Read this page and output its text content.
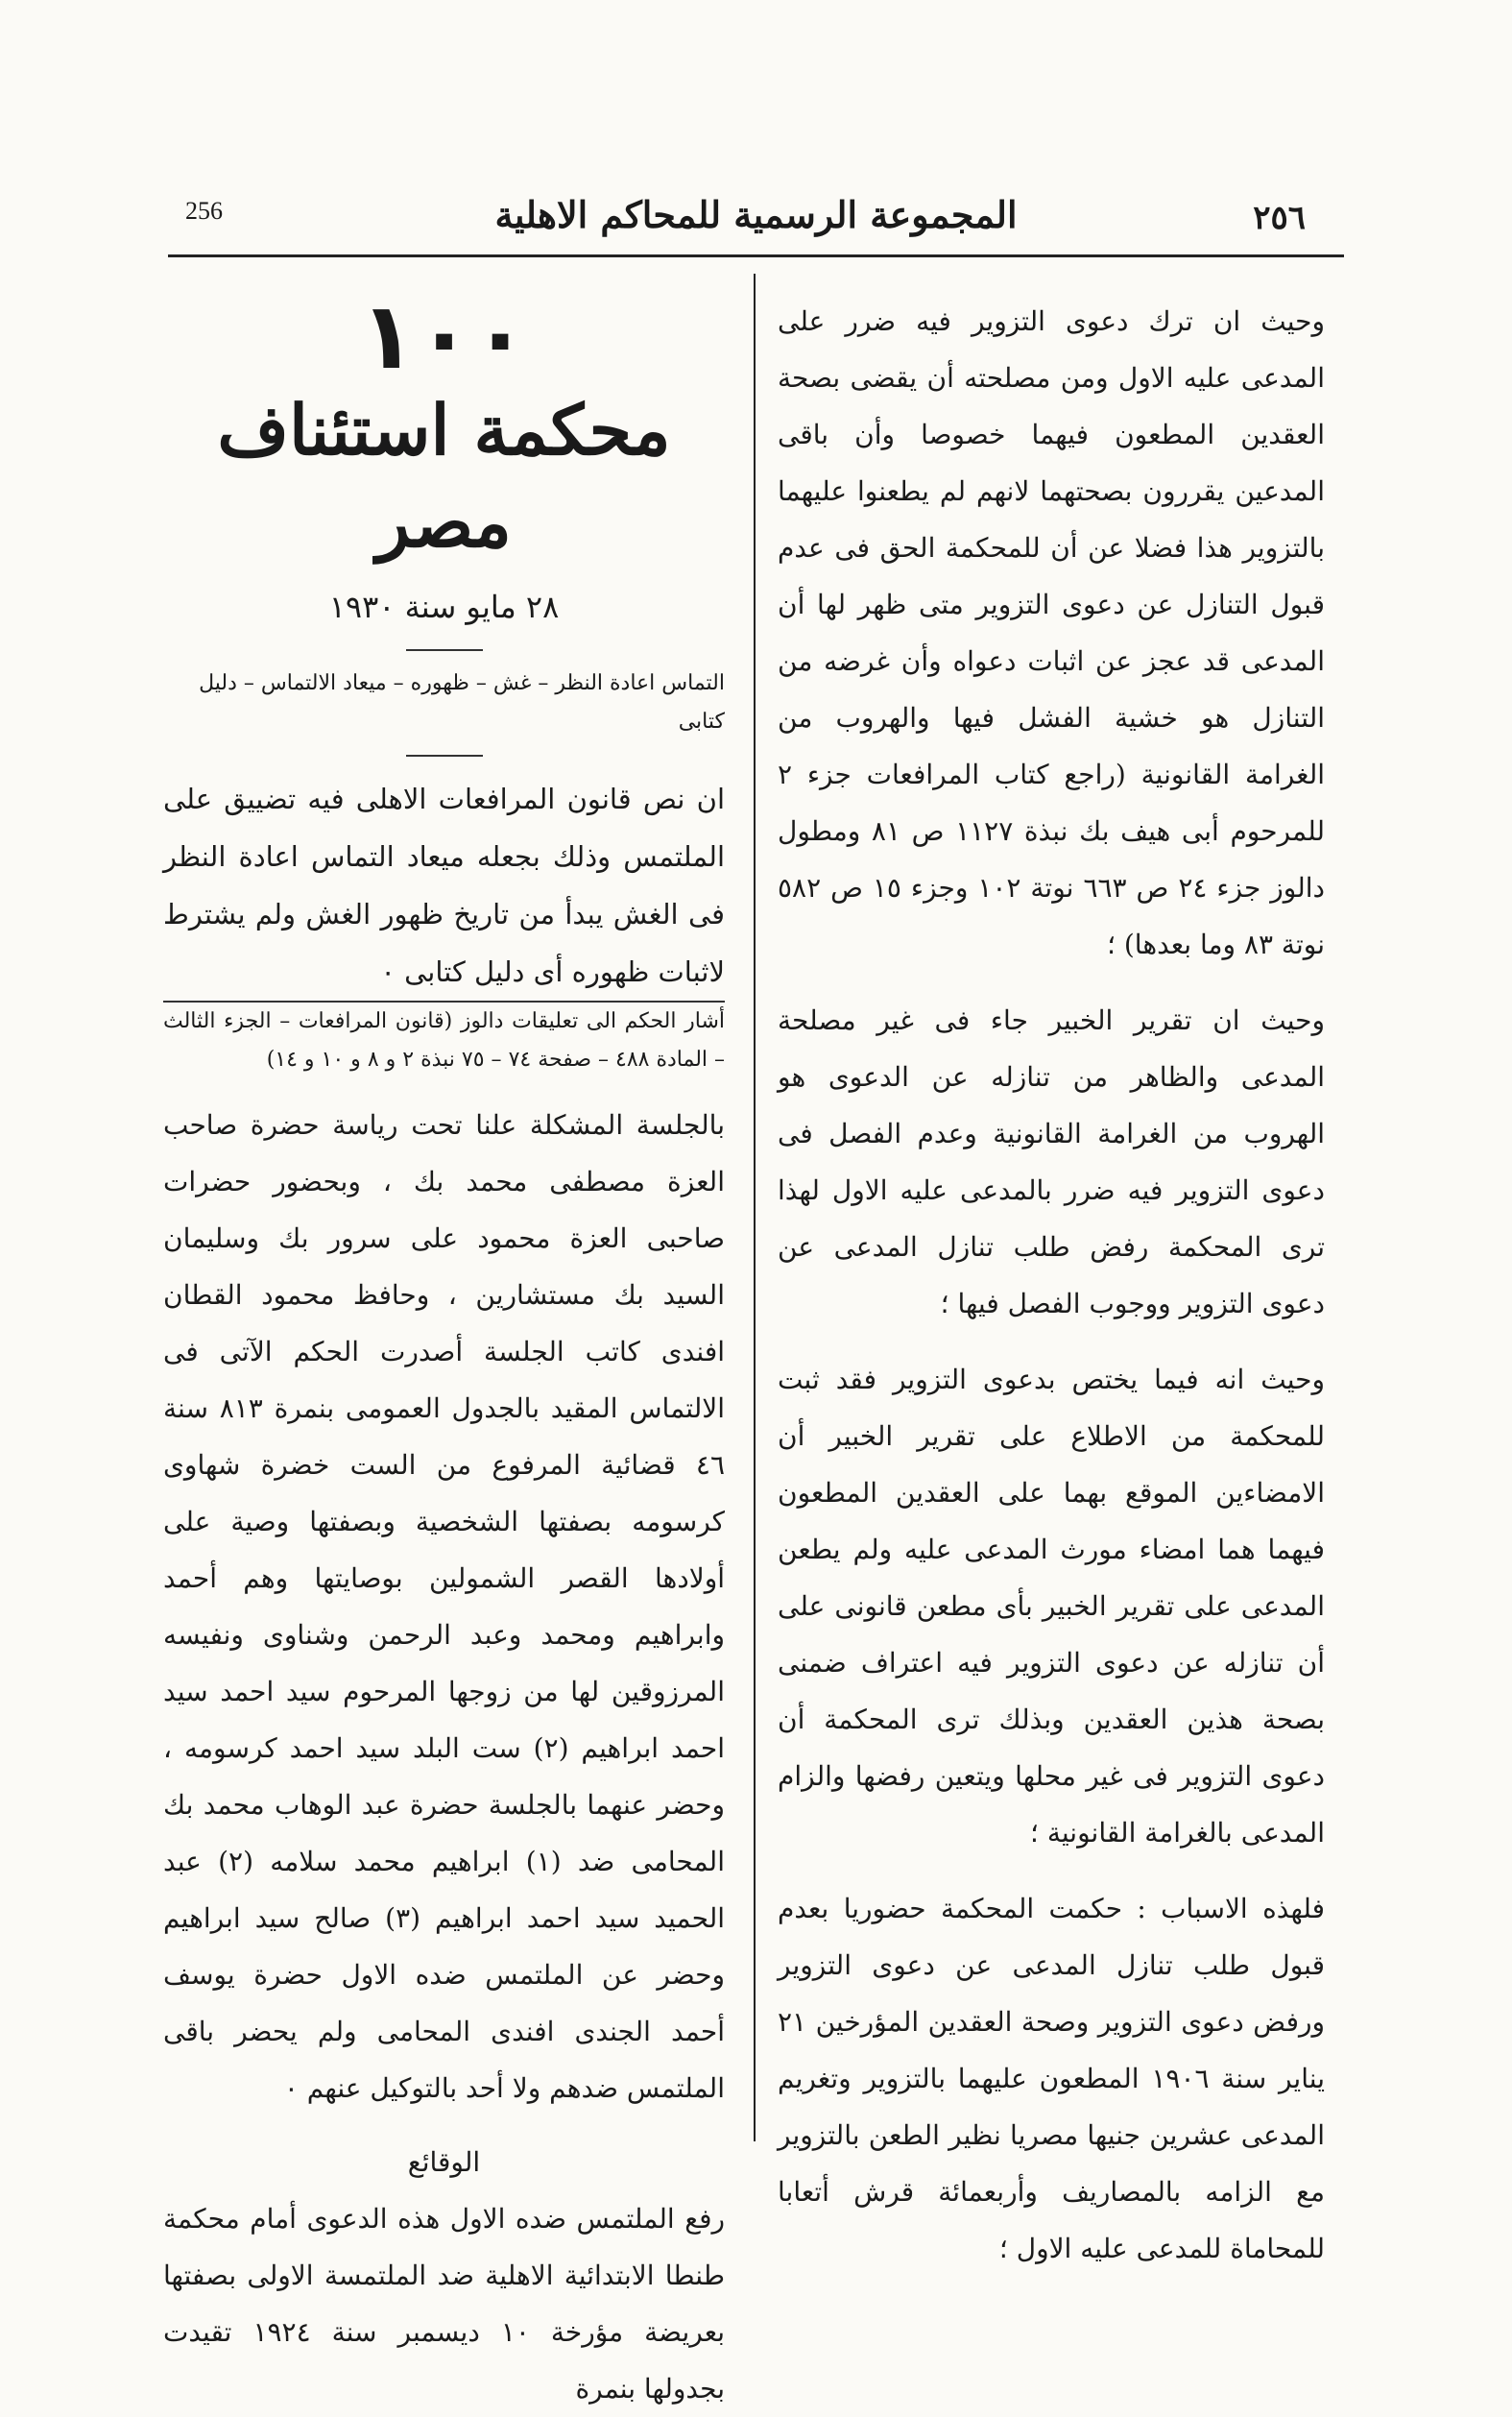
256	المجموعة الرسمية للمحاكم الاهلية	٢٥٦

وحيث ان ترك دعوى التزوير فيه ضرر على المدعى عليه الاول ومن مصلحته أن يقضى بصحة العقدين المطعون فيهما خصوصا وأن باقى المدعين يقررون بصحتهما لانهم لم يطعنوا عليهما بالتزوير هذا فضلا عن أن للمحكمة الحق فى عدم قبول التنازل عن دعوى التزوير متى ظهر لها أن المدعى قد عجز عن اثبات دعواه وأن غرضه من التنازل هو خشية الفشل فيها والهروب من الغرامة القانونية (راجع كتاب المرافعات جزء ٢ للمرحوم أبى هيف بك نبذة ١١٢٧ ص ٨١ ومطول دالوز جزء ٢٤ ص ٦٦٣ نوتة ١٠٢ وجزء ١٥ ص ٥٨٢ نوتة ٨٣ وما بعدها) ؛

وحيث ان تقرير الخبير جاء فى غير مصلحة المدعى والظاهر من تنازله عن الدعوى هو الهروب من الغرامة القانونية وعدم الفصل فى دعوى التزوير فيه ضرر بالمدعى عليه الاول لهذا ترى المحكمة رفض طلب تنازل المدعى عن دعوى التزوير ووجوب الفصل فيها ؛

وحيث انه فيما يختص بدعوى التزوير فقد ثبت للمحكمة من الاطلاع على تقرير الخبير أن الامضاءين الموقع بهما على العقدين المطعون فيهما هما امضاء مورث المدعى عليه ولم يطعن المدعى على تقرير الخبير بأى مطعن قانونى على أن تنازله عن دعوى التزوير فيه اعتراف ضمنى بصحة هذين العقدين وبذلك ترى المحكمة أن دعوى التزوير فى غير محلها ويتعين رفضها والزام المدعى بالغرامة القانونية ؛

فلهذه الاسباب : حكمت المحكمة حضوريا بعدم قبول طلب تنازل المدعى عن دعوى التزوير ورفض دعوى التزوير وصحة العقدين المؤرخين ٢١ يناير سنة ١٩٠٦ المطعون عليهما بالتزوير وتغريم المدعى عشرين جنيها مصريا نظير الطعن بالتزوير مع الزامه بالمصاريف وأربعمائة قرش أتعابا للمحاماة للمدعى عليه الاول ؛

١٠٠
محكمة استئناف مصر
٢٨ مايو سنة ١٩٣٠
التماس اعادة النظر – غش – ظهوره – ميعاد الالتماس – دليل كتابى

ان نص قانون المرافعات الاهلى فيه تضييق على الملتمس وذلك بجعله ميعاد التماس اعادة النظر فى الغش يبدأ من تاريخ ظهور الغش ولم يشترط لاثبات ظهوره أى دليل كتابى ٠

أشار الحكم الى تعليقات دالوز (قانون المرافعات – الجزء الثالث – المادة ٤٨٨ – صفحة ٧٤ – ٧٥ نبذة ٢ و ٨ و ١٠ و ١٤)

بالجلسة المشكلة علنا تحت رياسة حضرة صاحب العزة مصطفى محمد بك ، وبحضور حضرات صاحبى العزة محمود على سرور بك وسليمان السيد بك مستشارين ، وحافظ محمود القطان افندى كاتب الجلسة أصدرت الحكم الآتى فى الالتماس المقيد بالجدول العمومى بنمرة ٨١٣ سنة ٤٦ قضائية المرفوع من الست خضرة شهاوى كرسومه بصفتها الشخصية وبصفتها وصية على أولادها القصر الشمولين بوصايتها وهم أحمد وابراهيم ومحمد وعبد الرحمن وشناوى ونفيسه المرزوقين لها من زوجها المرحوم سيد احمد سيد احمد ابراهيم (٢) ست البلد سيد احمد كرسومه ، وحضر عنهما بالجلسة حضرة عبد الوهاب محمد بك المحامى ضد (١) ابراهيم محمد سلامه (٢) عبد الحميد سيد احمد ابراهيم (٣) صالح سيد ابراهيم وحضر عن الملتمس ضده الاول حضرة يوسف أحمد الجندى افندى المحامى ولم يحضر باقى الملتمس ضدهم ولا أحد بالتوكيل عنهم ٠

الوقائع

رفع الملتمس ضده الاول هذه الدعوى أمام محكمة طنطا الابتدائية الاهلية ضد الملتمسة الاولى بصفتها بعريضة مؤرخة ١٠ ديسمبر سنة ١٩٢٤ تقيدت بجدولها بنمرة
